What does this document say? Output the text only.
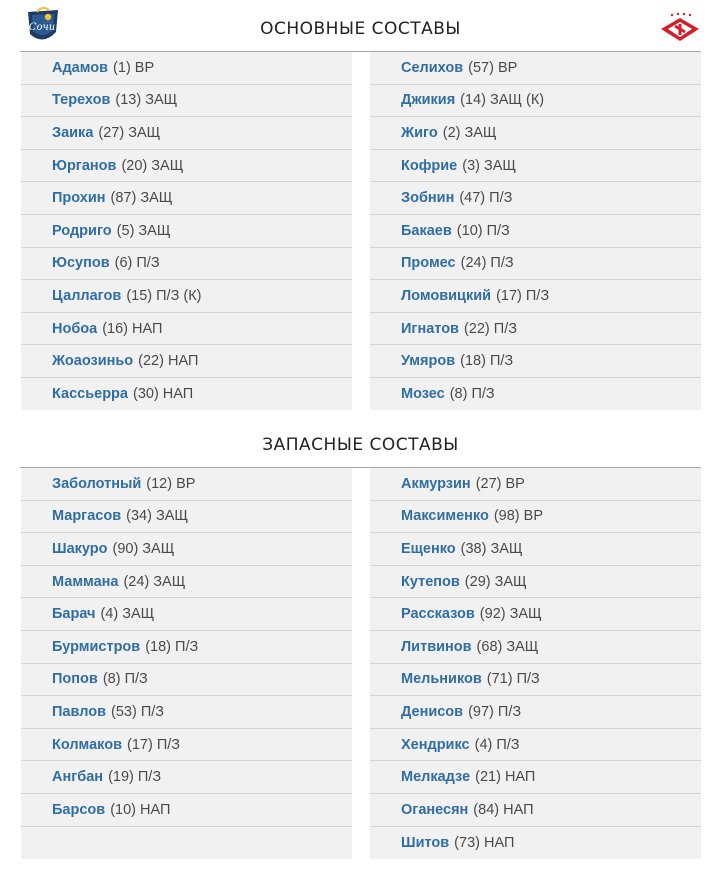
Сочи	ОСНОВНЫЕ СОСТАВЫ
Адамов (1) ВР
Терехов (13) ЗАЩ
Заика (27) ЗАЩ
Юрганов (20) ЗАЩ
Прохин (87) ЗАЩ
Родриго (5) ЗАЩ
Юсупов (6) П/З
Цаллагов (15) П/З (К)
Нобоа (16) НАП
Жоаозиньо (22) НАП
Кассьерра (30) НАП
Селихов (57) ВР
Джикия (14) ЗАЩ (К)
Жиго (2) ЗАЩ
Кофрие (3) ЗАЩ
Зобнин (47) П/З
Бакаев (10) П/З
Промес (24) П/З
Ломовицкий (17) П/З
Игнатов (22) П/З
Умяров (18) П/З
Мозес (8) П/З
ЗАПАСНЫЕ СОСТАВЫ
Заболотный (12) ВР
Маргасов (34) ЗАЩ
Шакуро (90) ЗАЩ
Маммана (24) ЗАЩ
Барач (4) ЗАЩ
Бурмистров (18) П/З
Попов (8) П/З
Павлов (53) П/З
Колмаков (17) П/З
Ангбан (19) П/З
Барсов (10) НАП
Акмурзин (27) ВР
Максименко (98) ВР
Ещенко (38) ЗАЩ
Кутепов (29) ЗАЩ
Рассказов (92) ЗАЩ
Литвинов (68) ЗАЩ
Мельников (71) П/З
Денисов (97) П/З
Хендрикс (4) П/З
Мелкадзе (21) НАП
Оганесян (84) НАП
Шитов (73) НАП
